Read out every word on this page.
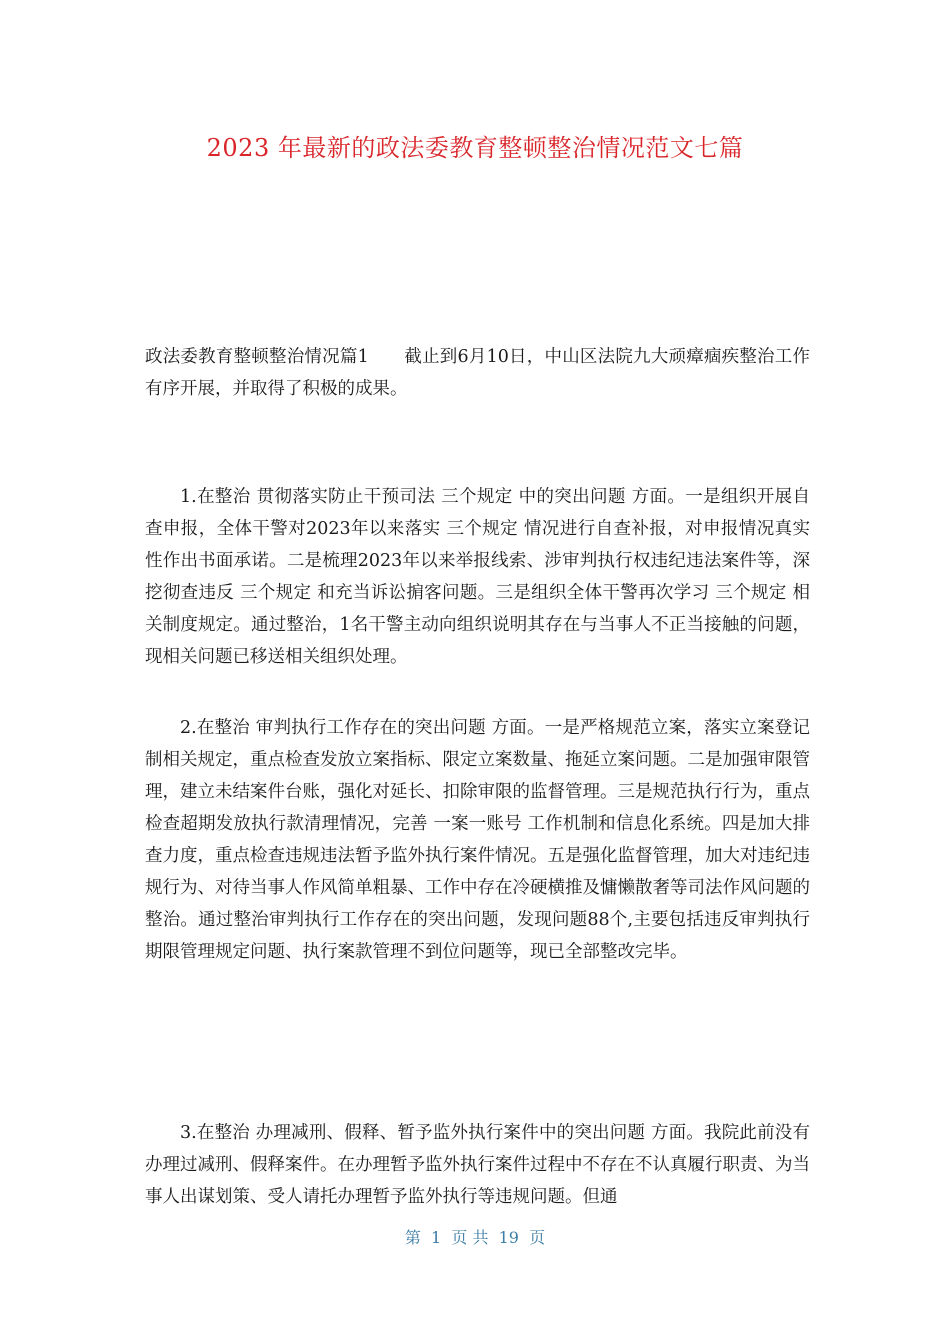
2023 年最新的政法委教育整顿整治情况范文七篇

政法委教育整顿整治情况篇1　　截止到6月10日，中山区法院九大顽瘴痼疾整治工作有序开展，并取得了积极的成果。

1.在整治 贯彻落实防止干预司法 三个规定 中的突出问题 方面。一是组织开展自查申报，全体干警对2023年以来落实 三个规定 情况进行自查补报，对申报情况真实性作出书面承诺。二是梳理2023年以来举报线索、涉审判执行权违纪违法案件等，深挖彻查违反 三个规定 和充当诉讼掮客问题。三是组织全体干警再次学习 三个规定 相关制度规定。通过整治，1名干警主动向组织说明其存在与当事人不正当接触的问题，现相关问题已移送相关组织处理。

2.在整治 审判执行工作存在的突出问题 方面。一是严格规范立案，落实立案登记制相关规定，重点检查发放立案指标、限定立案数量、拖延立案问题。二是加强审限管理，建立未结案件台账，强化对延长、扣除审限的监督管理。三是规范执行行为，重点检查超期发放执行款清理情况，完善 一案一账号 工作机制和信息化系统。四是加大排查力度，重点检查违规违法暂予监外执行案件情况。五是强化监督管理，加大对违纪违规行为、对待当事人作风简单粗暴、工作中存在冷硬横推及慵懒散奢等司法作风问题的整治。通过整治审判执行工作存在的突出问题，发现问题88个,主要包括违反审判执行期限管理规定问题、执行案款管理不到位问题等，现已全部整改完毕。

3.在整治 办理减刑、假释、暂予监外执行案件中的突出问题 方面。我院此前没有办理过减刑、假释案件。在办理暂予监外执行案件过程中不存在不认真履行职责、为当事人出谋划策、受人请托办理暂予监外执行等违规问题。但通

第  1  页 共  19  页
